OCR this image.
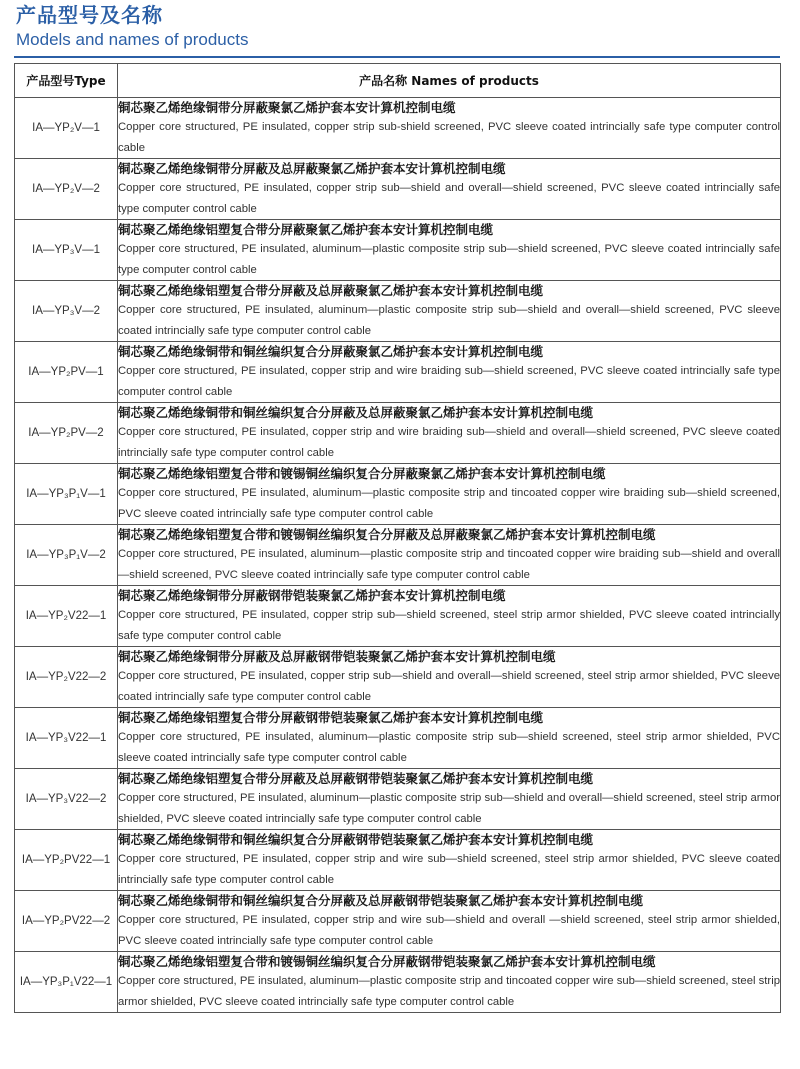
产品型号及名称
Models and names of products
产品型号Type	产品名称 Names of products
IA—YP₂V—1	铜芯聚乙烯绝缘铜带分屏蔽聚氯乙烯护套本安计算机控制电缆
Copper core structured, PE insulated, copper strip sub-shield screened, PVC sleeve coated intrincially safe type computer control cable

IA—YP₂V—2	铜芯聚乙烯绝缘铜带分屏蔽及总屏蔽聚氯乙烯护套本安计算机控制电缆
Copper core structured, PE insulated, copper strip sub—shield and overall—shield screened, PVC sleeve coated intrincially safe type computer control cable

IA—YP₃V—1	铜芯聚乙烯绝缘铝塑复合带分屏蔽聚氯乙烯护套本安计算机控制电缆
Copper core structured, PE insulated, aluminum—plastic composite strip sub—shield screened, PVC sleeve coated intrincially safe type computer control cable

IA—YP₃V—2	铜芯聚乙烯绝缘铝塑复合带分屏蔽及总屏蔽聚氯乙烯护套本安计算机控制电缆
Copper core structured, PE insulated, aluminum—plastic composite strip sub—shield and overall—shield screened, PVC sleeve coated intrincially safe type computer control cable

IA—YP₂PV—1	铜芯聚乙烯绝缘铜带和铜丝编织复合分屏蔽聚氯乙烯护套本安计算机控制电缆
Copper core structured, PE insulated, copper strip and wire braiding sub—shield screened, PVC sleeve coated intrincially safe type computer control cable

IA—YP₂PV—2	铜芯聚乙烯绝缘铜带和铜丝编织复合分屏蔽及总屏蔽聚氯乙烯护套本安计算机控制电缆
Copper core structured, PE insulated, copper strip and wire braiding sub—shield and overall—shield screened, PVC sleeve coated intrincially safe type computer control cable

IA—YP₃P₁V—1	铜芯聚乙烯绝缘铝塑复合带和镀锡铜丝编织复合分屏蔽聚氯乙烯护套本安计算机控制电缆
Copper core structured, PE insulated, aluminum—plastic composite strip and tincoated copper wire braiding sub—shield screened, PVC sleeve coated intrincially safe type computer control cable

IA—YP₃P₁V—2	铜芯聚乙烯绝缘铝塑复合带和镀锡铜丝编织复合分屏蔽及总屏蔽聚氯乙烯护套本安计算机控制电缆
Copper core structured, PE insulated, aluminum—plastic composite strip and tincoated copper wire braiding sub—shield and overall—shield screened, PVC sleeve coated intrincially safe type computer control cable

IA—YP₂V22—1	铜芯聚乙烯绝缘铜带分屏蔽钢带铠装聚氯乙烯护套本安计算机控制电缆
Copper core structured, PE insulated, copper strip sub—shield screened, steel strip armor shielded, PVC sleeve coated intrincially safe type computer control cable

IA—YP₂V22—2	铜芯聚乙烯绝缘铜带分屏蔽及总屏蔽钢带铠装聚氯乙烯护套本安计算机控制电缆
Copper core structured, PE insulated, copper strip sub—shield and overall—shield screened, steel strip armor shielded, PVC sleeve coated intrincially safe type computer control cable

IA—YP₃V22—1	铜芯聚乙烯绝缘铝塑复合带分屏蔽钢带铠装聚氯乙烯护套本安计算机控制电缆
Copper core structured, PE insulated, aluminum—plastic composite strip sub—shield screened, steel strip armor shielded, PVC sleeve coated intrincially safe type computer control cable

IA—YP₃V22—2	铜芯聚乙烯绝缘铝塑复合带分屏蔽及总屏蔽钢带铠装聚氯乙烯护套本安计算机控制电缆
Copper core structured, PE insulated, aluminum—plastic composite strip sub—shield and overall—shield screened, steel strip armor shielded, PVC sleeve coated intrincially safe type computer control cable

IA—YP₂PV22—1	铜芯聚乙烯绝缘铜带和铜丝编织复合分屏蔽钢带铠装聚氯乙烯护套本安计算机控制电缆
Copper core structured, PE insulated, copper strip and wire sub—shield screened, steel strip armor shielded, PVC sleeve coated intrincially safe type computer control cable

IA—YP₂PV22—2	铜芯聚乙烯绝缘铜带和铜丝编织复合分屏蔽及总屏蔽钢带铠装聚氯乙烯护套本安计算机控制电缆
Copper core structured, PE insulated, copper strip and wire sub—shield and overall —shield screened, steel strip armor shielded, PVC sleeve coated intrincially safe type computer control cable

IA—YP₃P₁V22—1	铜芯聚乙烯绝缘铝塑复合带和镀锡铜丝编织复合分屏蔽钢带铠装聚氯乙烯护套本安计算机控制电缆
Copper core structured, PE insulated, aluminum—plastic composite strip and tincoated copper wire sub—shield screened, steel strip armor shielded, PVC sleeve coated intrincially safe type computer control cable
